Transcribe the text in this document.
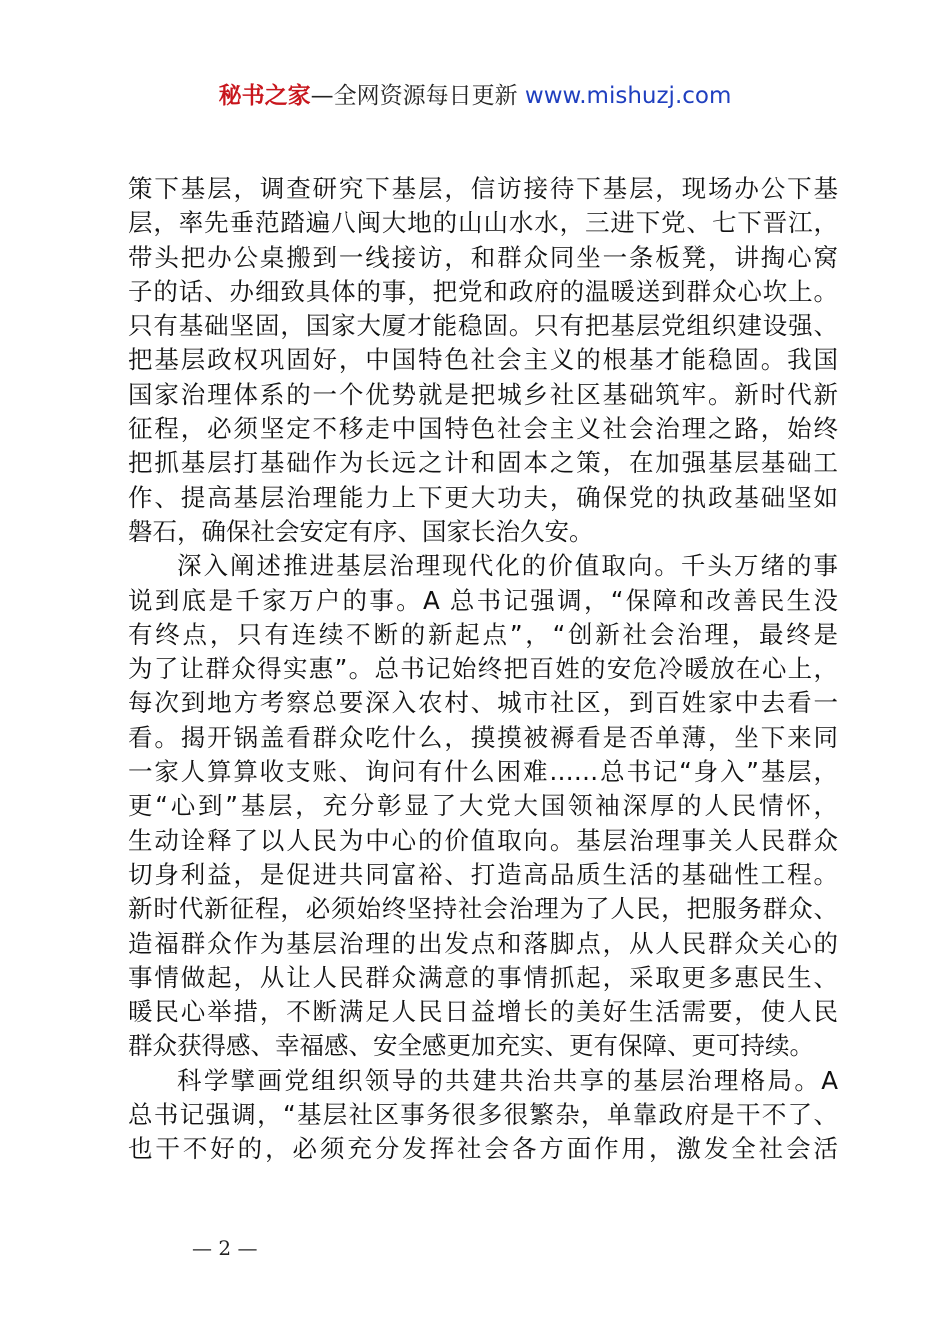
秘书之家—全网资源每日更新 www.mishuzj.com
策下基层，调查研究下基层，信访接待下基层，现场办公下基
层，率先垂范踏遍八闽大地的山山水水，三进下党、七下晋江，
带头把办公桌搬到一线接访，和群众同坐一条板凳，讲掏心窝
子的话、办细致具体的事，把党和政府的温暖送到群众心坎上。
只有基础坚固，国家大厦才能稳固。只有把基层党组织建设强、
把基层政权巩固好，中国特色社会主义的根基才能稳固。我国
国家治理体系的一个优势就是把城乡社区基础筑牢。新时代新
征程，必须坚定不移走中国特色社会主义社会治理之路，始终
把抓基层打基础作为长远之计和固本之策，在加强基层基础工
作、提高基层治理能力上下更大功夫，确保党的执政基础坚如
磐石，确保社会安定有序、国家长治久安。
深入阐述推进基层治理现代化的价值取向。千头万绪的事
说到底是千家万户的事。A 总书记强调，“保障和改善民生没
有终点，只有连续不断的新起点”，“创新社会治理，最终是
为了让群众得实惠”。总书记始终把百姓的安危冷暖放在心上，
每次到地方考察总要深入农村、城市社区，到百姓家中去看一
看。揭开锅盖看群众吃什么，摸摸被褥看是否单薄，坐下来同
一家人算算收支账、询问有什么困难……总书记“身入”基层，
更“心到”基层，充分彰显了大党大国领袖深厚的人民情怀，
生动诠释了以人民为中心的价值取向。基层治理事关人民群众
切身利益，是促进共同富裕、打造高品质生活的基础性工程。
新时代新征程，必须始终坚持社会治理为了人民，把服务群众、
造福群众作为基层治理的出发点和落脚点，从人民群众关心的
事情做起，从让人民群众满意的事情抓起，采取更多惠民生、
暖民心举措，不断满足人民日益增长的美好生活需要，使人民
群众获得感、幸福感、安全感更加充实、更有保障、更可持续。
科学擘画党组织领导的共建共治共享的基层治理格局。A
总书记强调，“基层社区事务很多很繁杂，单靠政府是干不了、
也干不好的，必须充分发挥社会各方面作用，激发全社会活
— 2 —
